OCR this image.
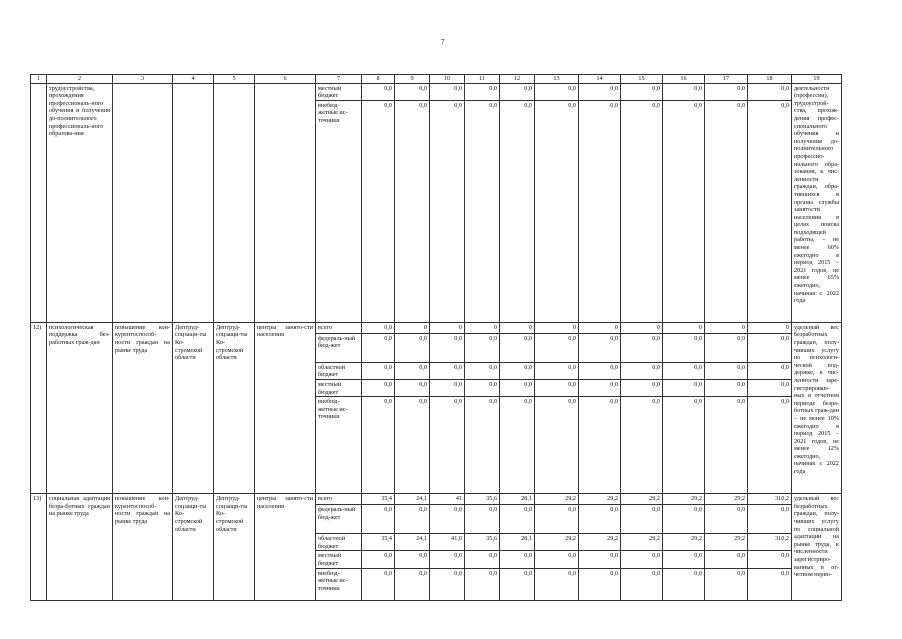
7
1	2	3	4	5	6	7	8	9	10	11	12	13	14	15	16	17	18	19
	трудоустройства, прохождения профессиональ-ного обучения и получения до-полнительного профессиональ-ного образова-ния					местный бюджет	0,0	0,0	0,0	0,0	0,0	0,0	0,0	0,0	0,0	0,0	0,0	деятельности (профессии), трудоустрой-ства, прохож-дения профес-сионального обучения и получения до-полнительного профессио-нального обра-зования, к чис-ленности граждан, обра-тившихся в органы службы занятости населения в целях поиска подходящей работы, – не менее 60% ежегодно в период 2015 – 2021 годов, не менее 65% ежегодно, начиная с 2022 года
						внебюд-жетные ис-точники	0,0	0,0	0,0	0,0	0,0	0,0	0,0	0,0	0,0	0,0	0,0	
12)	психологическая поддержка без-работных граж-дан	повышение кон-курентоспособ-ности граждан на рынке труда	Дептруд-соцзащи-ты Ко-стромской области	Дептруд-соцзащи-ты Ко-стромской области	центры занято-сти населения	всего	0,0	0	0	0	0	0	0	0	0	0	0	удельный вес безработных граждан, полу-чивших услугу по психологи-ческой под-держке, к чис-ленности заре-гистрирован-ных в отчетном периоде безра-ботных граж-дан – не менее 10% ежегодно в период 2015 – 2021 годов, не менее 12% ежегодно, начиная с 2022 года
						федераль-ный бюд-жет	0,0	0,0	0,0	0,0	0,0	0,0	0,0	0,0	0,0	0,0	0,0	
						областной бюджет	0,0	0,0	0,0	0,0	0,0	0,0	0,0	0,0	0,0	0,0	0,0	
						местный бюджет	0,0	0,0	0,0	0,0	0,0	0,0	0,0	0,0	0,0	0,0	0,0	
						внебюд-жетные ис-точники	0,0	0,0	0,0	0,0	0,0	0,0	0,0	0,0	0,0	0,0	0,0	
13)	социальная адаптация безра-ботных граждан на рынке труда	повышение кон-курентоспособ-ности граждан на рынке труда	Дептруд-соцзащи-ты Ко-стромской области	Дептруд-соцзащи-ты Ко-стромской области	центры занято-сти населения	всего	35,4	24,1	41	35,6	28,1	29,2	29,2	29,2	29,2	29,2	310,2	удельный вес безработных граждан, полу-чивших услугу по социальной адаптации на рынке труда, к численности зарегистриро-ванных в от-четном перио-
						федераль-ный бюд-жет	0,0	0,0	0,0	0,0	0,0	0,0	0,0	0,0	0,0	0,0	0,0	
						областной бюджет	35,4	24,1	41,0	35,6	28,1	29,2	29,2	29,2	29,2	29,2	310,2	
						местный бюджет	0,0	0,0	0,0	0,0	0,0	0,0	0,0	0,0	0,0	0,0	0,0	
						внебюд-жетные ис-точники	0,0	0,0	0,0	0,0	0,0	0,0	0,0	0,0	0,0	0,0	0,0	
